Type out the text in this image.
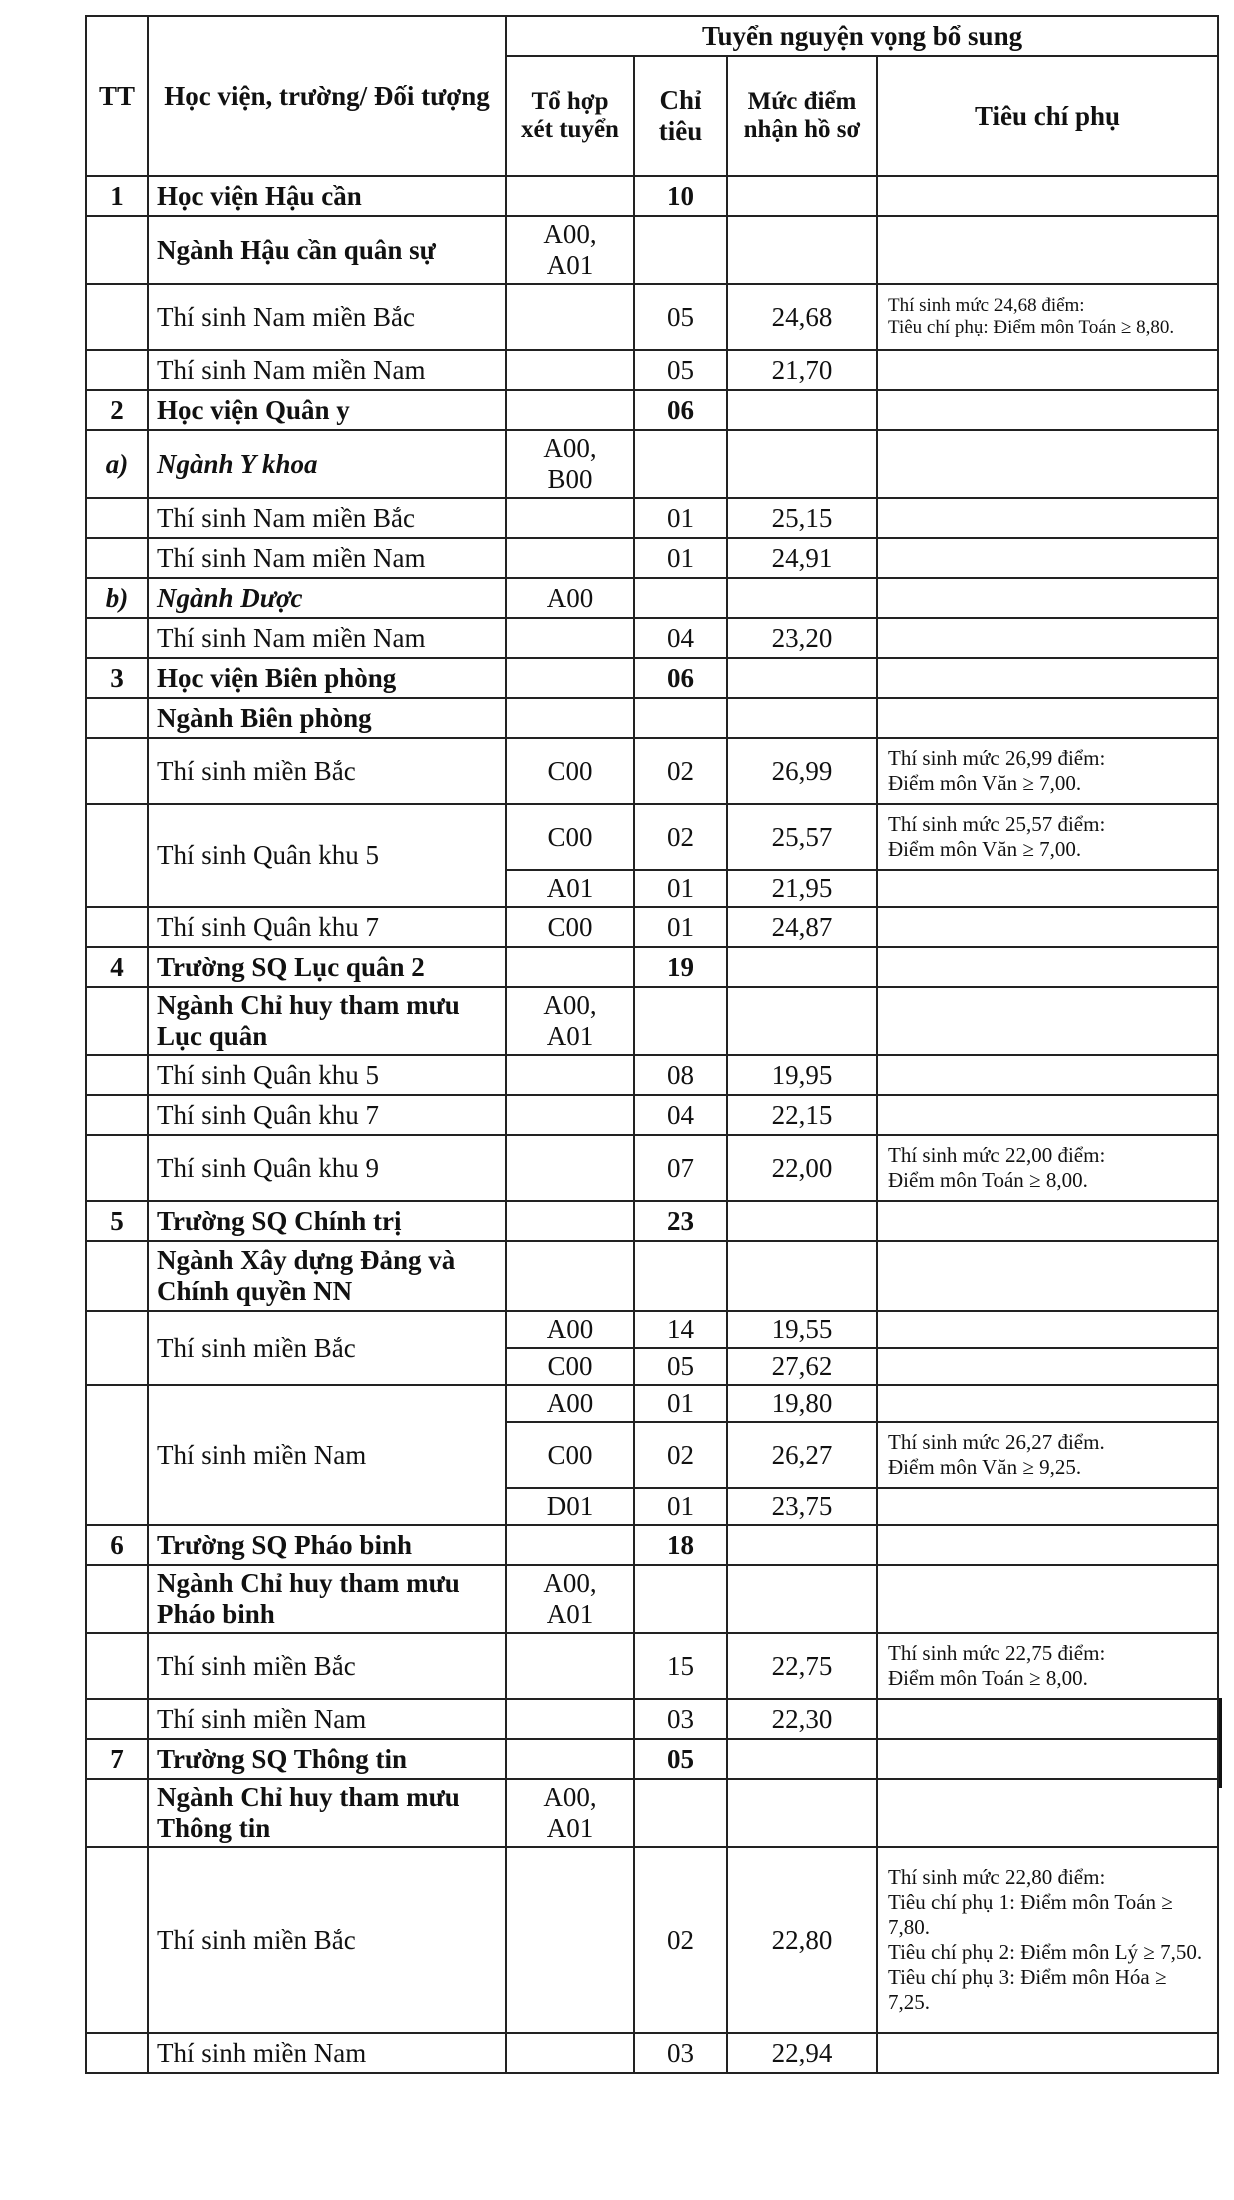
TT	Học viện, trường/ Đối tượng	Tuyển nguyện vọng bổ sung			
		Tổ hợp xét tuyển	Chỉ tiêu	Mức điểm nhận hồ sơ	Tiêu chí phụ
1	Học viện Hậu cần		10		
	Ngành Hậu cần quân sự	A00,
A01			
	Thí sinh Nam miền Bắc		05	24,68	Thí sinh mức 24,68 điểm:
Tiêu chí phụ: Điểm môn Toán ≥ 8,80.
	Thí sinh Nam miền Nam		05	21,70	
2	Học viện Quân y		06		
a)	Ngành Y khoa	A00,
B00			
	Thí sinh Nam miền Bắc		01	25,15	
	Thí sinh Nam miền Nam		01	24,91	
b)	Ngành Dược	A00			
	Thí sinh Nam miền Nam		04	23,20	
3	Học viện Biên phòng		06		
	Ngành Biên phòng				
	Thí sinh miền Bắc	C00	02	26,99	Thí sinh mức 26,99 điểm:
Điểm môn Văn ≥ 7,00.
	Thí sinh Quân khu 5	C00	02	25,57	Thí sinh mức 25,57 điểm:
Điểm môn Văn ≥ 7,00.
		A01	01	21,95	
	Thí sinh Quân khu 7	C00	01	24,87	
4	Trường SQ Lục quân 2		19		
	Ngành Chỉ huy tham mưu Lục quân	A00,
A01			
	Thí sinh Quân khu 5		08	19,95	
	Thí sinh Quân khu 7		04	22,15	
	Thí sinh Quân khu 9		07	22,00	Thí sinh mức 22,00 điểm:
Điểm môn Toán ≥ 8,00.
5	Trường SQ Chính trị		23		
	Ngành Xây dựng Đảng và Chính quyền NN				
	Thí sinh miền Bắc	A00	14	19,55	
		C00	05	27,62	
	Thí sinh miền Nam	A00	01	19,80	
		C00	02	26,27	Thí sinh mức 26,27 điểm.
Điểm môn Văn ≥ 9,25.
		D01	01	23,75	
6	Trường SQ Pháo binh		18		
	Ngành Chỉ huy tham mưu Pháo binh	A00,
A01			
	Thí sinh miền Bắc		15	22,75	Thí sinh mức 22,75 điểm:
Điểm môn Toán ≥ 8,00.
	Thí sinh miền Nam		03	22,30	
7	Trường SQ Thông tin		05		
	Ngành Chỉ huy tham mưu Thông tin	A00,
A01			
	Thí sinh miền Bắc		02	22,80	Thí sinh mức 22,80 điểm:
Tiêu chí phụ 1: Điểm môn Toán ≥ 7,80.
Tiêu chí phụ 2: Điểm môn Lý ≥ 7,50.
Tiêu chí phụ 3: Điểm môn Hóa ≥ 7,25.
	Thí sinh miền Nam		03	22,94	
